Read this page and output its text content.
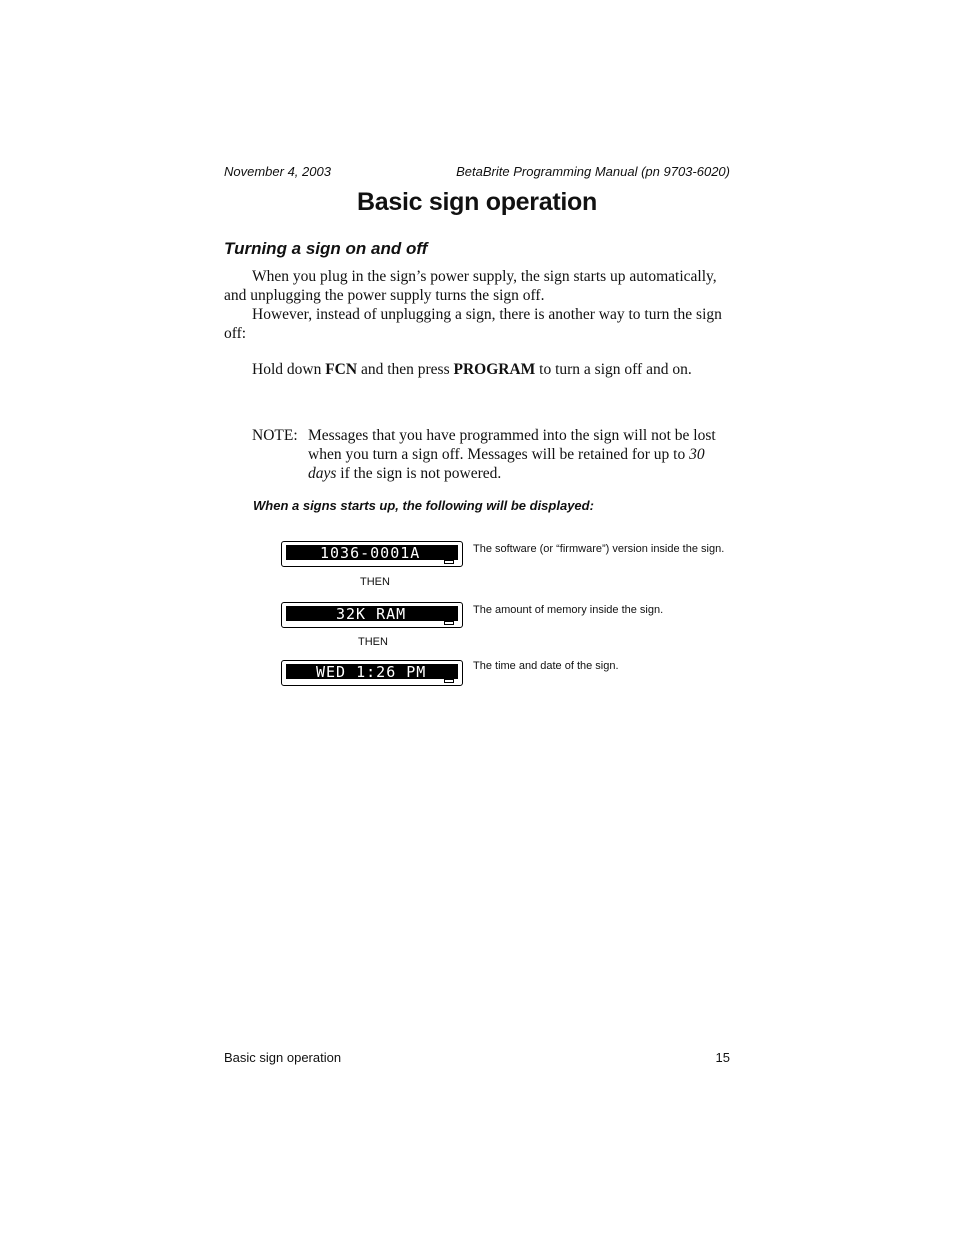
November 4, 2003	BetaBrite Programming Manual (pn 9703-6020)
Basic sign operation
Turning a sign on and off

When you plug in the sign’s power supply, the sign starts up automatically, and unplugging the power supply turns the sign off.

However, instead of unplugging a sign, there is another way to turn the sign off:

Hold down FCN and then press PROGRAM to turn a sign off and on.

NOTE: Messages that you have programmed into the sign will not be lost when you turn a sign off. Messages will be retained for up to 30 days if the sign is not powered.

When a signs starts up, the following will be displayed:
1036-0001A	The software (or “firmware”) version inside the sign.
THEN
32K RAM	The amount of memory inside the sign.
THEN
WED 1:26 PM	The time and date of the sign.
Basic sign operation	15
